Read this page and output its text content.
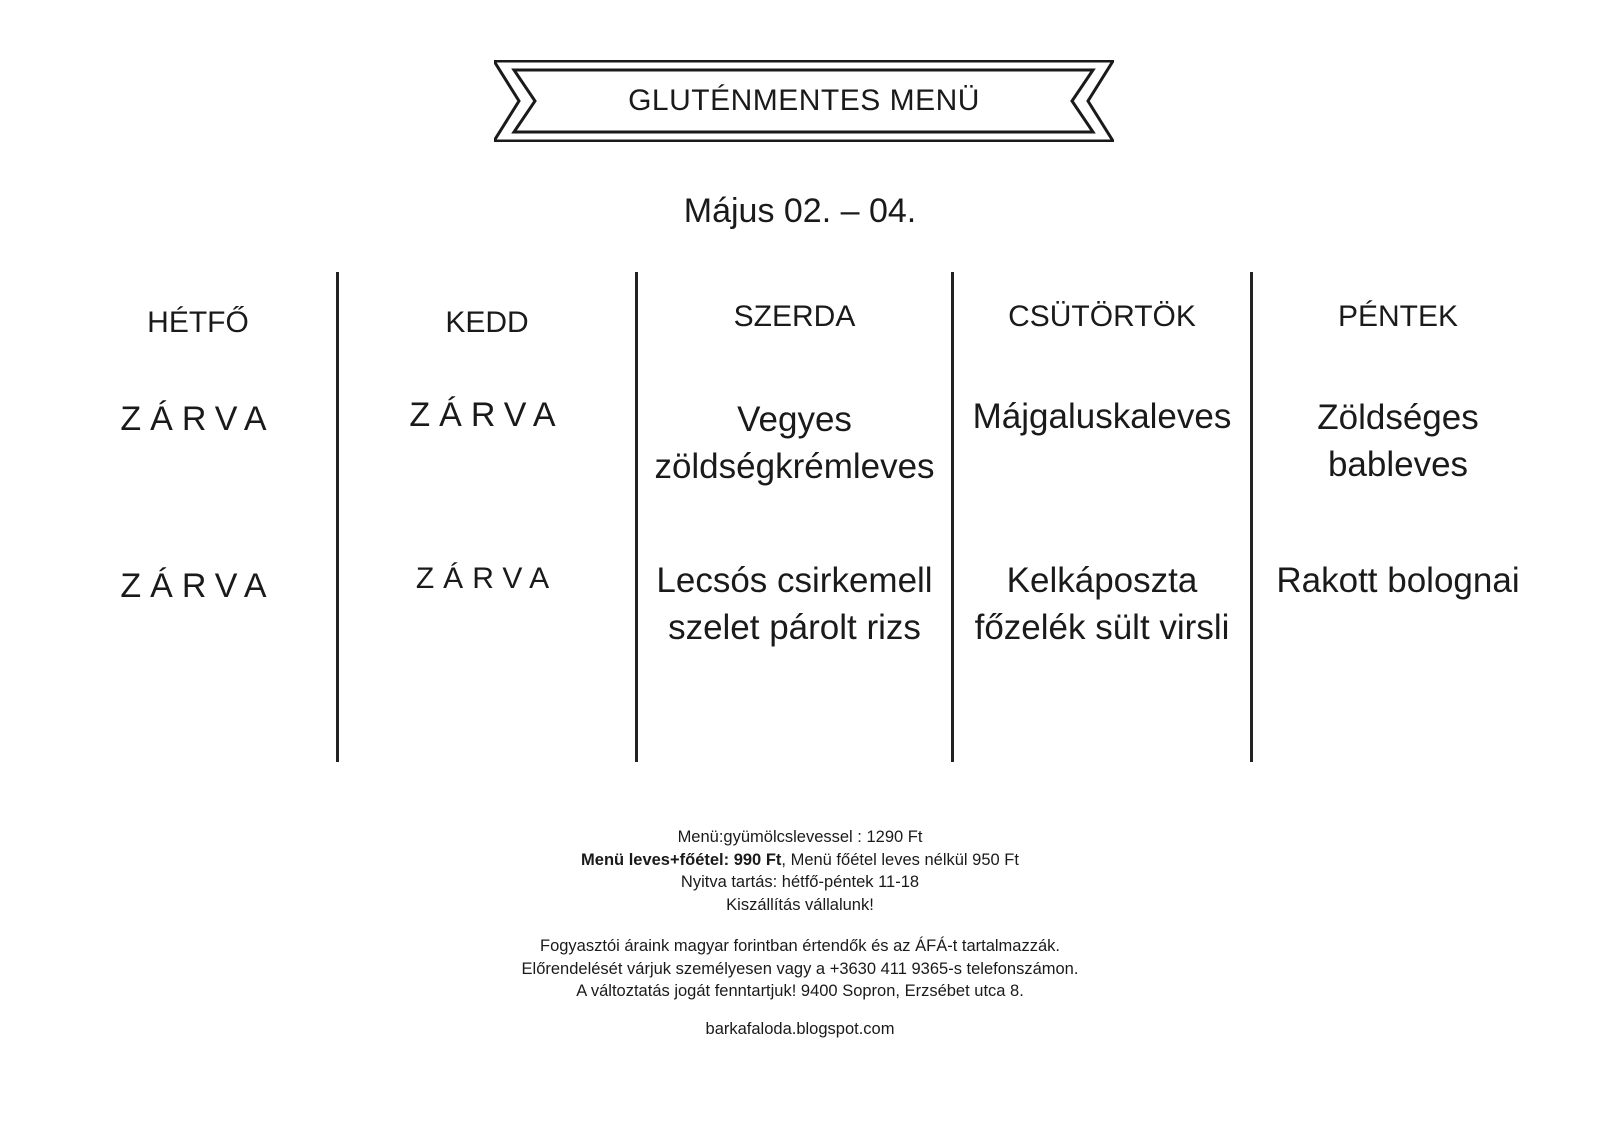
GLUTÉNMENTES MENÜ
Május 02. – 04.
HÉTFŐ
ZÁRVA
ZÁRVA
KEDD
ZÁRVA
ZÁRVA
SZERDA
Vegyes zöldségkrémleves
Lecsós csirkemell szelet párolt rizs
CSÜTÖRTÖK
Májgaluskaleves
Kelkáposzta főzelék sült virsli
PÉNTEK
Zöldséges bableves
Rakott bolognai
Menü:gyümölcslevessel : 1290 Ft
Menü leves+főétel: 990 Ft, Menü főétel leves nélkül 950 Ft
Nyitva tartás: hétfő-péntek 11-18
Kiszállítás vállalunk!
Fogyasztói áraink magyar forintban értendők és az ÁFÁ-t tartalmazzák.
Előrendelését várjuk személyesen vagy a +3630 411 9365-s telefonszámon.
A változtatás jogát fenntartjuk! 9400 Sopron, Erzsébet utca 8.
barkafaloda.blogspot.com
